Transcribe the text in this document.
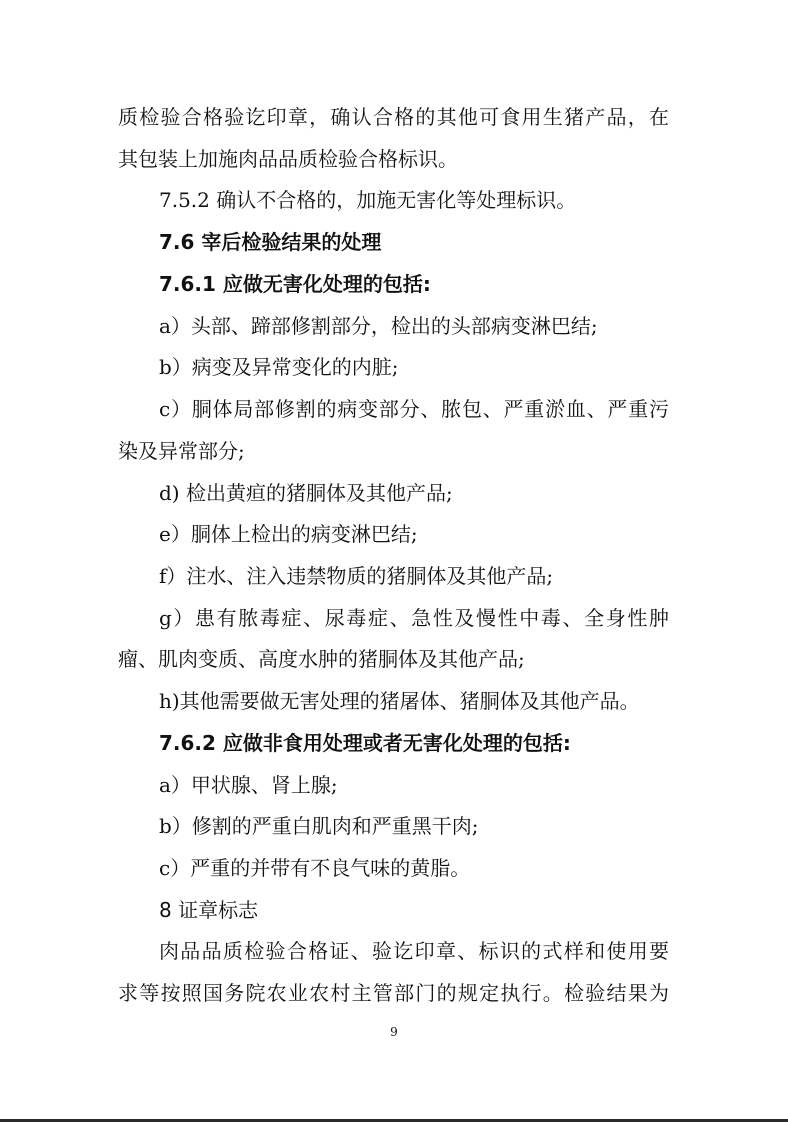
质检验合格验讫印章，确认合格的其他可食用生猪产品，在
其包装上加施肉品品质检验合格标识。
7.5.2 确认不合格的，加施无害化等处理标识。
7.6 宰后检验结果的处理
7.6.1 应做无害化处理的包括:
a）头部、蹄部修割部分，检出的头部病变淋巴结;
b）病变及异常变化的内脏;
c）胴体局部修割的病变部分、脓包、严重淤血、严重污
染及异常部分;
d) 检出黄疸的猪胴体及其他产品;
e）胴体上检出的病变淋巴结;
f）注水、注入违禁物质的猪胴体及其他产品;
g）患有脓毒症、尿毒症、急性及慢性中毒、全身性肿
瘤、肌肉变质、高度水肿的猪胴体及其他产品;
h)其他需要做无害处理的猪屠体、猪胴体及其他产品。
7.6.2 应做非食用处理或者无害化处理的包括:
a）甲状腺、肾上腺;
b）修割的严重白肌肉和严重黑干肉;
c）严重的并带有不良气味的黄脂。
8 证章标志
肉品品质检验合格证、验讫印章、标识的式样和使用要
求等按照国务院农业农村主管部门的规定执行。检验结果为
9
